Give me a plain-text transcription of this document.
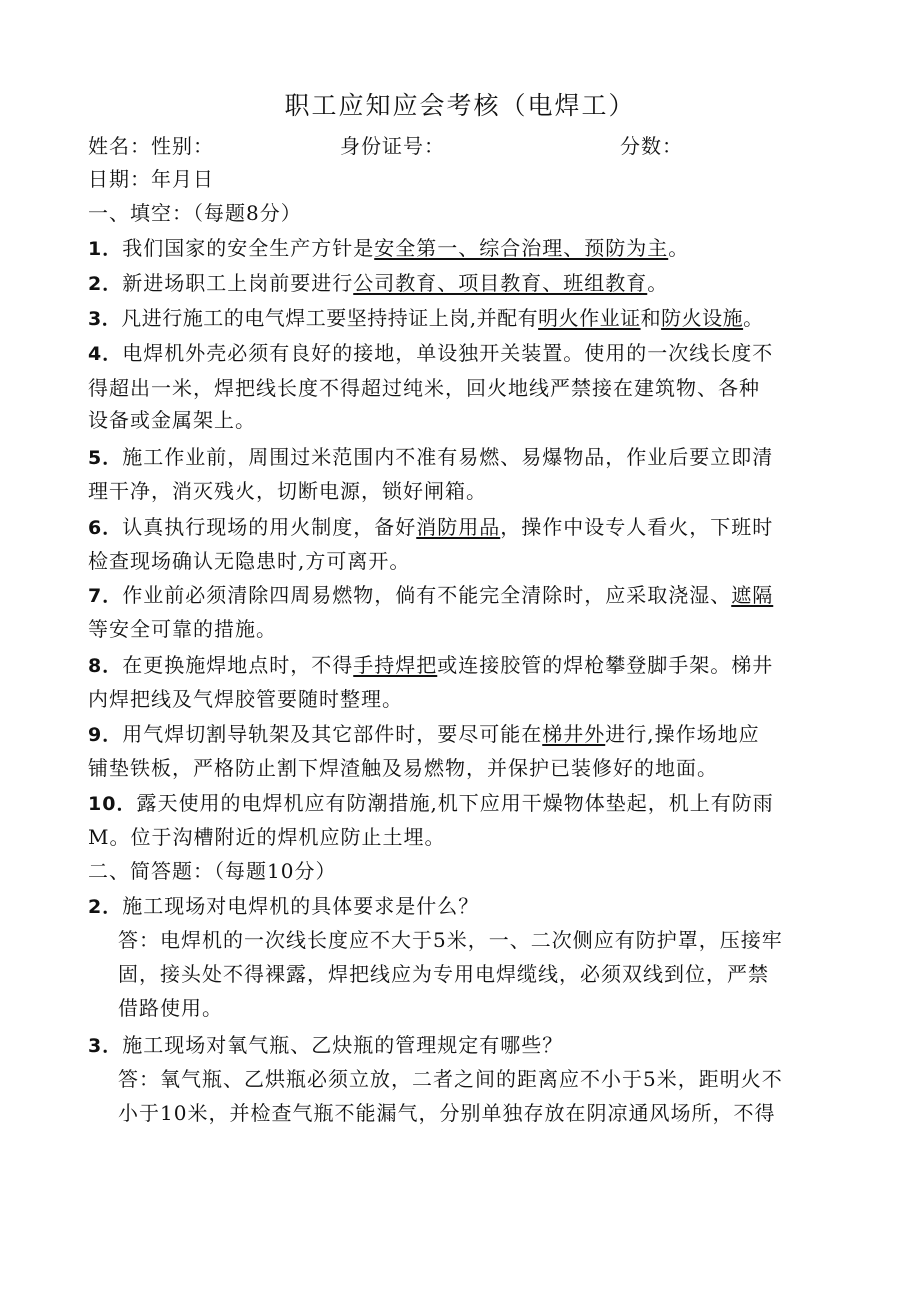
职工应知应会考核（电焊工）
姓名：性别：	身份证号：	分数：
日期：年月日
一、填空：（每题8分）
1．我们国家的安全生产方针是安全第一、综合治理、预防为主。
2．新进场职工上岗前要进行公司教育、项目教育、班组教育。
3．凡进行施工的电气焊工要坚持持证上岗,并配有明火作业证和防火设施。
4．电焊机外壳必须有良好的接地，单设独开关装置。使用的一次线长度不
得超出一米，焊把线长度不得超过纯米，回火地线严禁接在建筑物、各种
设备或金属架上。
5．施工作业前，周围过米范围内不准有易燃、易爆物品，作业后要立即清
理干净，消灭残火，切断电源，锁好闸箱。
6．认真执行现场的用火制度，备好消防用品，操作中设专人看火，下班时
检查现场确认无隐患时,方可离开。
7．作业前必须清除四周易燃物，倘有不能完全清除时，应采取浇湿、遮隔
等安全可靠的措施。
8．在更换施焊地点时，不得手持焊把或连接胶管的焊枪攀登脚手架。梯井
内焊把线及气焊胶管要随时整理。
9．用气焊切割导轨架及其它部件时，要尽可能在梯井外进行,操作场地应
铺垫铁板，严格防止割下焊渣触及易燃物，并保护已装修好的地面。
10．露天使用的电焊机应有防潮措施,机下应用干燥物体垫起，机上有防雨
M。位于沟槽附近的焊机应防止土埋。
二、简答题：（每题10分）
2．施工现场对电焊机的具体要求是什么？
答：电焊机的一次线长度应不大于5米，一、二次侧应有防护罩，压接牢
固，接头处不得裸露，焊把线应为专用电焊缆线，必须双线到位，严禁
借路使用。
3．施工现场对氧气瓶、乙炔瓶的管理规定有哪些？
答：氧气瓶、乙烘瓶必须立放，二者之间的距离应不小于5米，距明火不
小于10米，并检查气瓶不能漏气，分别单独存放在阴凉通风场所，不得
